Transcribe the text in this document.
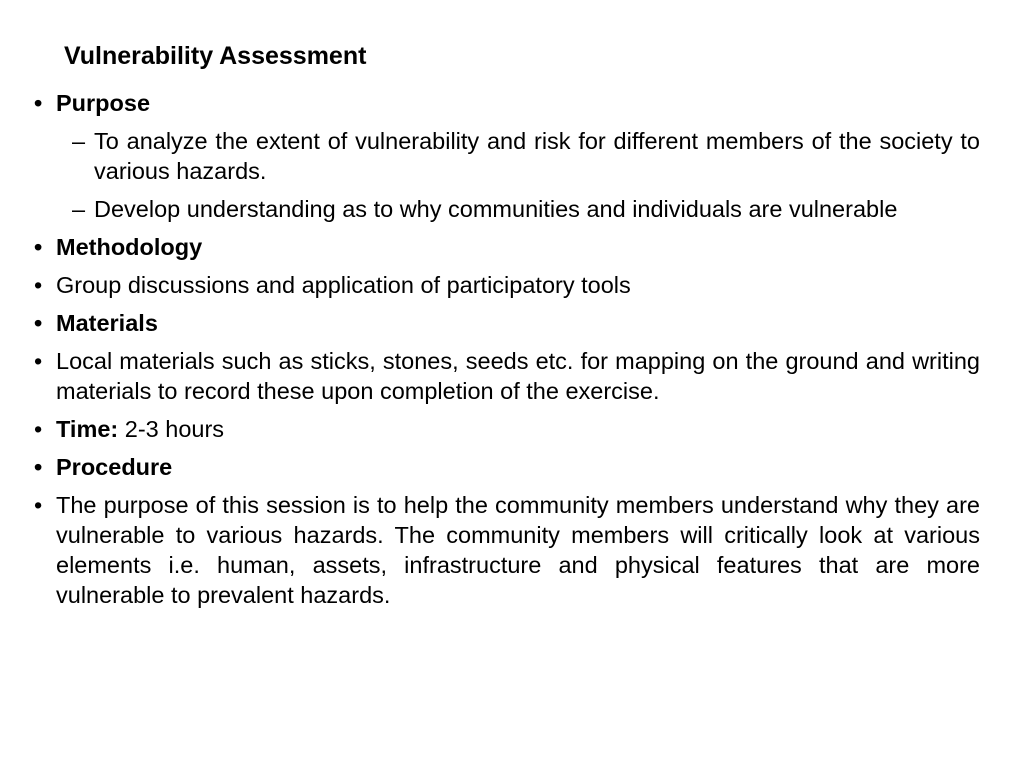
Vulnerability Assessment
• Purpose
– To analyze the extent of vulnerability and risk for different members of the society to various hazards.
– Develop understanding as to why communities and individuals are vulnerable
• Methodology
• Group discussions and application of participatory tools
• Materials
• Local materials such as sticks, stones, seeds etc. for mapping on the ground and writing materials to record these upon completion of the exercise.
• Time: 2-3 hours
• Procedure
• The purpose of this session is to help the community members understand why they are vulnerable to various hazards. The community members will critically look at various elements i.e. human, assets, infrastructure and physical features that are more vulnerable to prevalent hazards.
